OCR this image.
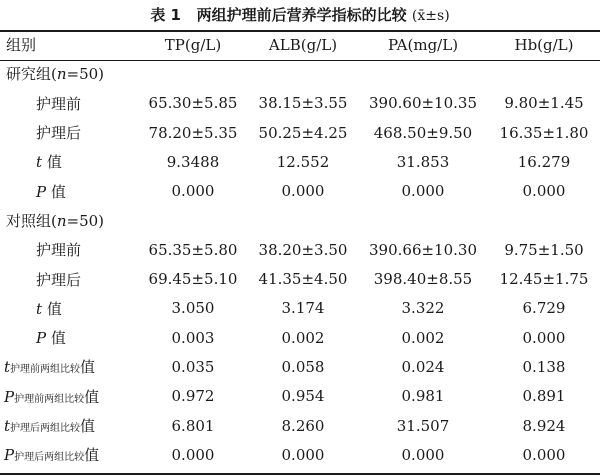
表 1 两组护理前后营养学指标的比较 (x̄±s)
组别	TP(g/L)	ALB(g/L)	PA(mg/L)	Hb(g/L)
研究组(n=50)				
护理前	65.30±5.85	38.15±3.55	390.60±10.35	9.80±1.45
护理后	78.20±5.35	50.25±4.25	468.50±9.50	16.35±1.80
t 值	9.3488	12.552	31.853	16.279
P 值	0.000	0.000	0.000	0.000
对照组(n=50)				
护理前	65.35±5.80	38.20±3.50	390.66±10.30	9.75±1.50
护理后	69.45±5.10	41.35±4.50	398.40±8.55	12.45±1.75
t 值	3.050	3.174	3.322	6.729
P 值	0.003	0.002	0.002	0.000
t护理前两组比较值	0.035	0.058	0.024	0.138
P护理前两组比较值	0.972	0.954	0.981	0.891
t护理后两组比较值	6.801	8.260	31.507	8.924
P护理后两组比较值	0.000	0.000	0.000	0.000
